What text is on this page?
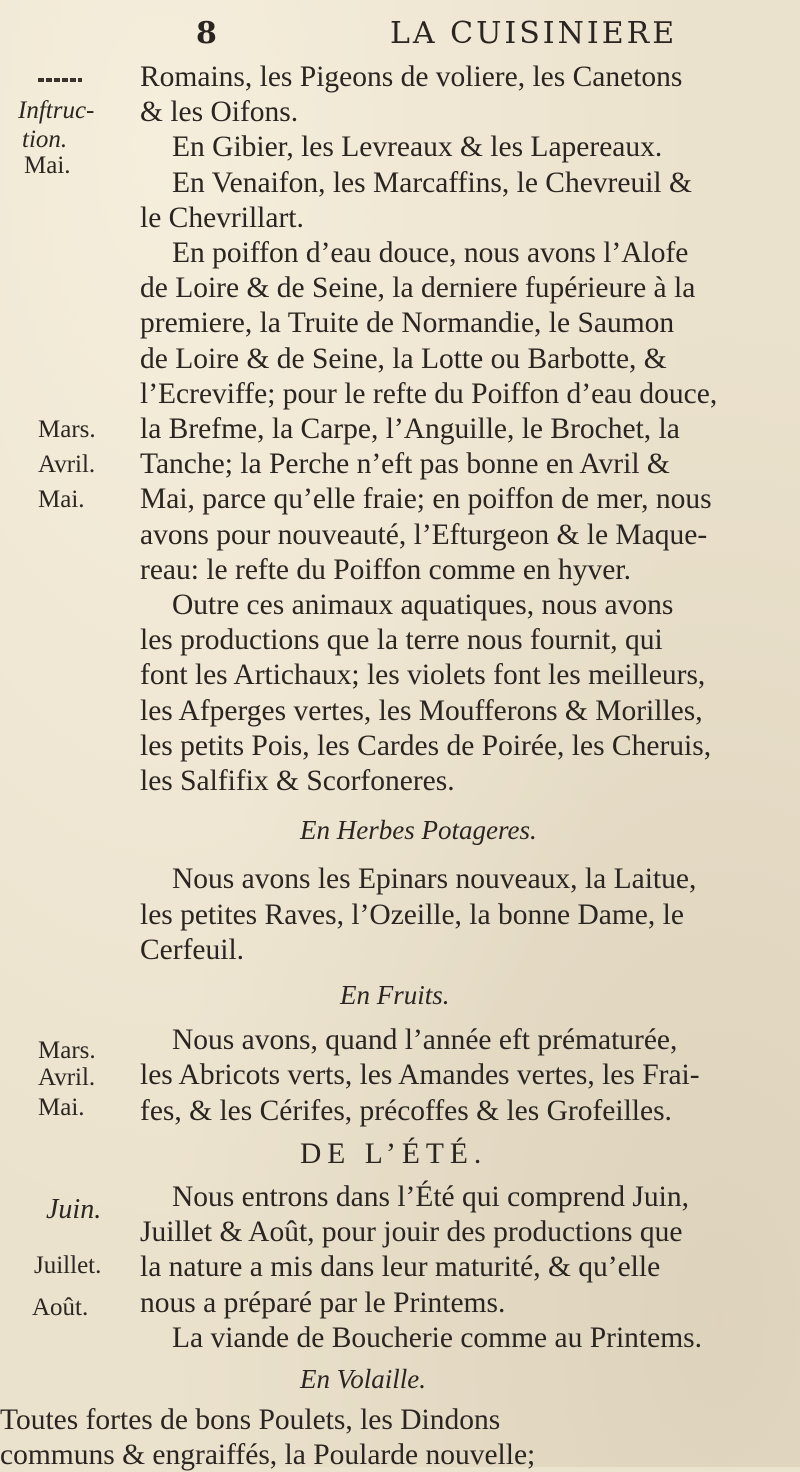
8	LA CUISINIERE
Inftruc-
tion.
Mai.
Mars.
Avril.
Mai.
Mars.
Avril.
Mai.
Juin.
Juillet.
Août.
Romains, les Pigeons de voliere, les Canetons
& les Oifons.
En Gibier, les Levreaux & les Lapereaux.
En Venaifon, les Marcaffins, le Chevreuil &
le Chevrillart.
En poiffon d’eau douce, nous avons l’Alofe
de Loire & de Seine, la derniere fupérieure à la
premiere, la Truite de Normandie, le Saumon
de Loire & de Seine, la Lotte ou Barbotte, &
l’Ecreviffe; pour le refte du Poiffon d’eau douce,
la Brefme, la Carpe, l’Anguille, le Brochet, la
Tanche; la Perche n’eft pas bonne en Avril &
Mai, parce qu’elle fraie; en poiffon de mer, nous
avons pour nouveauté, l’Efturgeon & le Maque-
reau: le refte du Poiffon comme en hyver.
Outre ces animaux aquatiques, nous avons
les productions que la terre nous fournit, qui
font les Artichaux; les violets font les meilleurs,
les Afperges vertes, les Moufferons & Morilles,
les petits Pois, les Cardes de Poirée, les Cheruis,
les Salfifix & Scorfoneres.
En Herbes Potageres.
Nous avons les Epinars nouveaux, la Laitue,
les petites Raves, l’Ozeille, la bonne Dame, le
Cerfeuil.
En Fruits.
Nous avons, quand l’année eft prématurée,
les Abricots verts, les Amandes vertes, les Frai-
fes, & les Cérifes, précoffes & les Grofeilles.
DE L’ÉTÉ.
Nous entrons dans l’Été qui comprend Juin,
Juillet & Août, pour jouir des productions que
la nature a mis dans leur maturité, & qu’elle
nous a préparé par le Printems.
La viande de Boucherie comme au Printems.
En Volaille.
Toutes fortes de bons Poulets, les Dindons
communs & engraiffés, la Poularde nouvelle;
